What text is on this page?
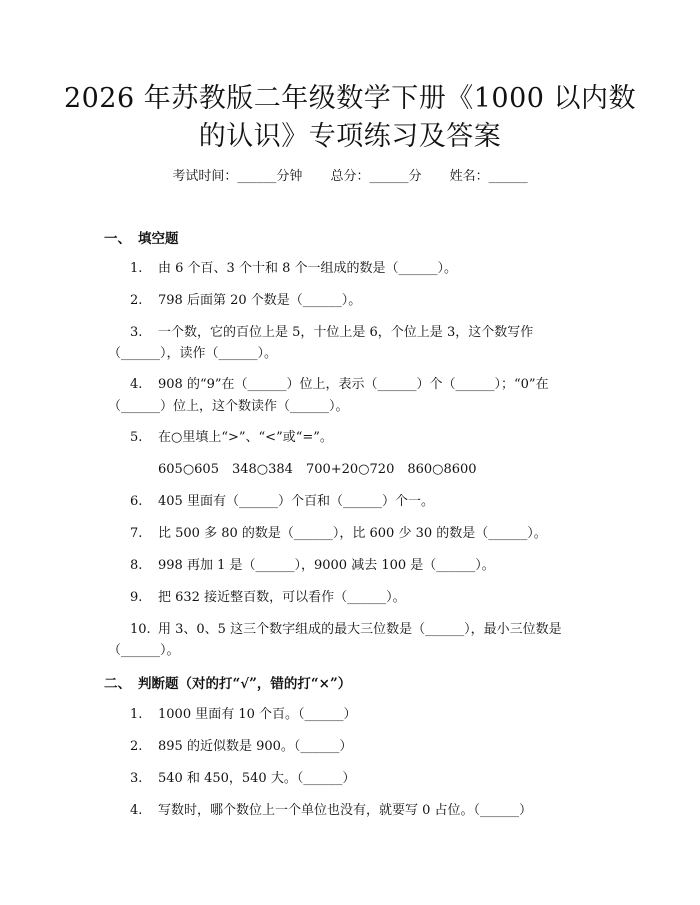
2026 年苏教版二年级数学下册《1000 以内数
的认识》专项练习及答案
考试时间：______分钟 总分：______分 姓名：______
一、 填空题
1. 由 6 个百、3 个十和 8 个一组成的数是（______）。
2. 798 后面第 20 个数是（______）。
3. 一个数，它的百位上是 5，十位上是 6，个位上是 3，这个数写作
（______），读作（______）。
4. 908 的“9”在（______）位上，表示（______）个（______）；“0”在
（______）位上，这个数读作（______）。
5. 在○里填上“>”、“<”或“=”。
605○605　348○384　700+20○720　860○8600
6. 405 里面有（______）个百和（______）个一。
7. 比 500 多 80 的数是（______），比 600 少 30 的数是（______）。
8. 998 再加 1 是（______），9000 减去 100 是（______）。
9. 把 632 接近整百数，可以看作（______）。
10. 用 3、0、5 这三个数字组成的最大三位数是（______），最小三位数是
（______）。
二、 判断题（对的打“√”，错的打“×”）
1. 1000 里面有 10 个百。（______）
2. 895 的近似数是 900。（______）
3. 540 和 450，540 大。（______）
4. 写数时，哪个数位上一个单位也没有，就要写 0 占位。（______）
